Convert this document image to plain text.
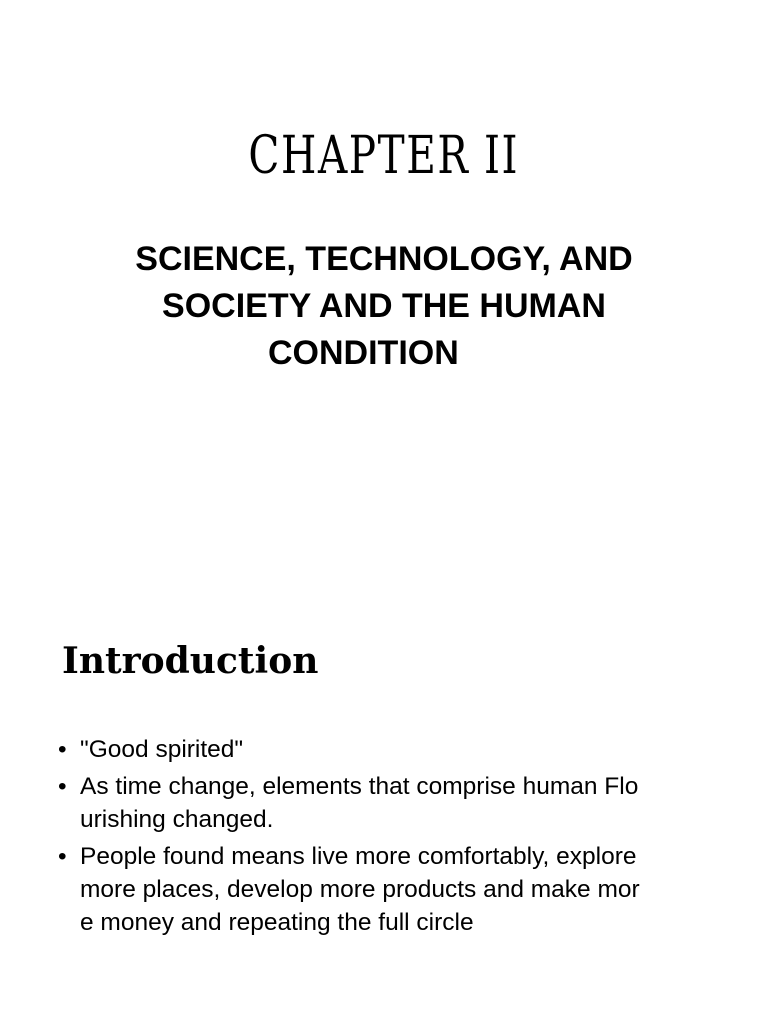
CHAPTER II
SCIENCE, TECHNOLOGY, AND
SOCIETY AND THE HUMAN
CONDITION
Introduction
• "Good spirited"
• As time change, elements that comprise human Flo
urishing changed.
• People found means live more comfortably, explore
more places, develop more products and make mor
e money and repeating the full circle
